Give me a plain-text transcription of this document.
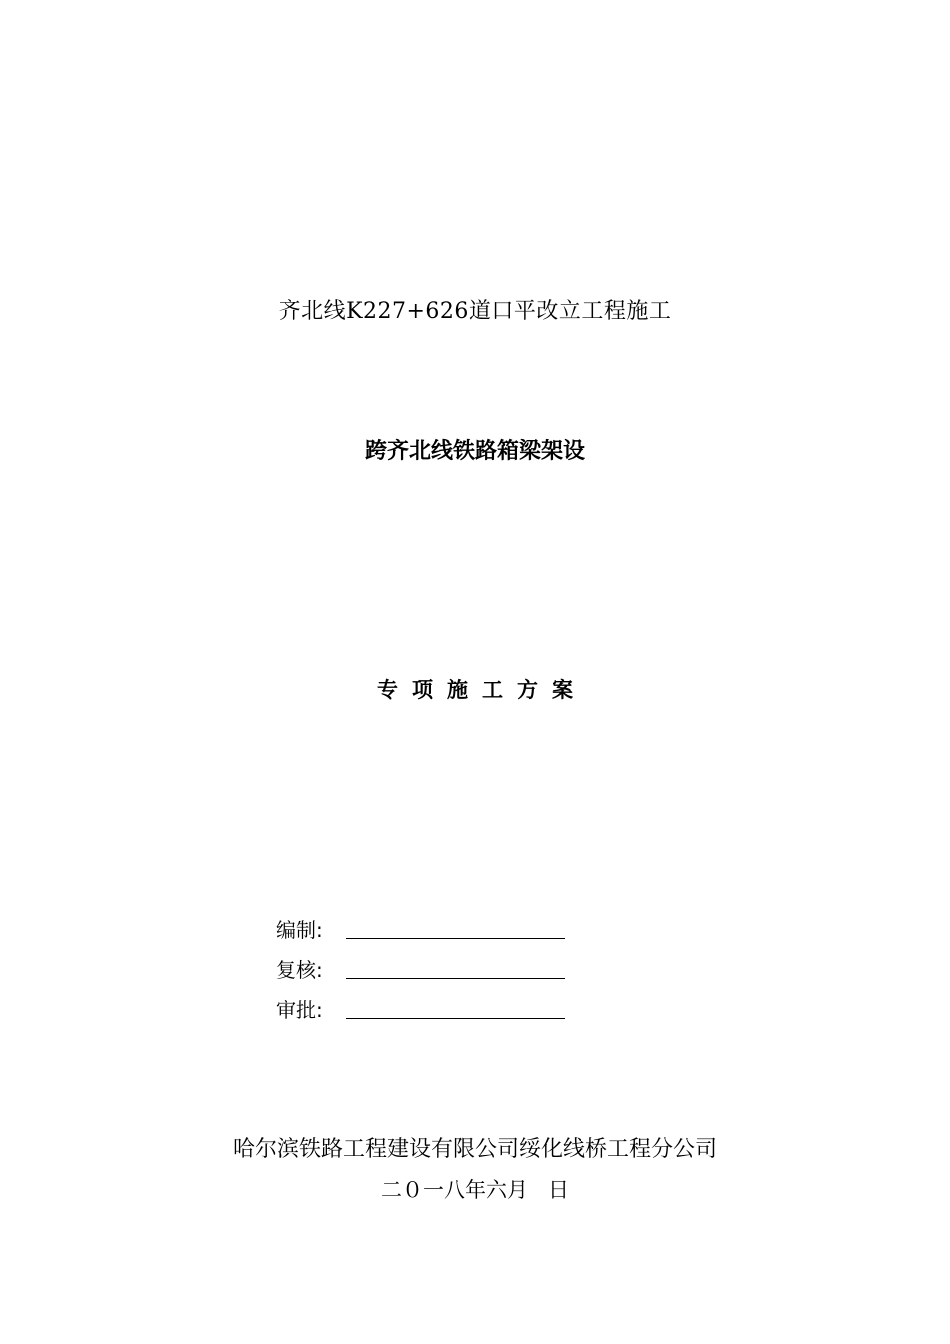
齐北线K227+626道口平改立工程施工
跨齐北线铁路箱梁架设
专项施工方案
编制:
复核:
审批:
哈尔滨铁路工程建设有限公司绥化线桥工程分公司
二０一八年六月   日
